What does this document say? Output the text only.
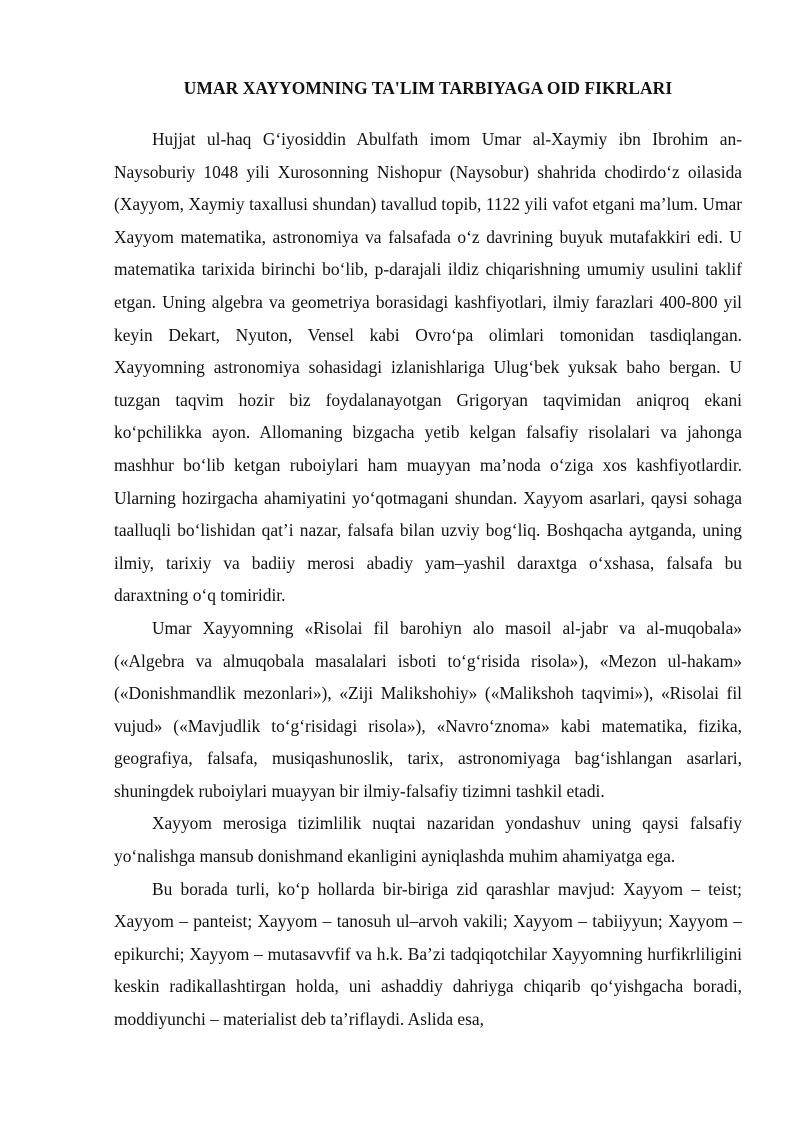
UMAR XAYYOMNING TA'LIM TARBIYAGA OID FIKRLARI

Hujjat ul-haq G‘iyosiddin Abulfath imom Umar al-Xaymiy ibn Ibrohim an-Naysoburiy 1048 yili Xurosonning Nishopur (Naysobur) shahrida chodirdo‘z oilasida (Xayyom, Xaymiy taxallusi shundan) tavallud topib, 1122 yili vafot etgani ma’lum. Umar Xayyom matematika, astronomiya va falsafada o‘z davrining buyuk mutafakkiri edi. U matematika tarixida birinchi bo‘lib, p-darajali ildiz chiqarishning umumiy usulini taklif etgan. Uning algebra va geometriya borasidagi kashfiyotlari, ilmiy farazlari 400-800 yil keyin Dekart, Nyuton, Vensel kabi Ovro‘pa olimlari tomonidan tasdiqlangan. Xayyomning astronomiya sohasidagi izlanishlariga Ulug‘bek yuksak baho bergan. U tuzgan taqvim hozir biz foydalanayotgan Grigoryan taqvimidan aniqroq ekani ko‘pchilikka ayon. Allomaning bizgacha yetib kelgan falsafiy risolalari va jahonga mashhur bo‘lib ketgan ruboiylari ham muayyan ma’noda o‘ziga xos kashfiyotlardir. Ularning hozirgacha ahamiyatini yo‘qotmagani shundan. Xayyom asarlari, qaysi sohaga taalluqli bo‘lishidan qat’i nazar, falsafa bilan uzviy bog‘liq. Boshqacha aytganda, uning ilmiy, tarixiy va badiiy merosi abadiy yam–yashil daraxtga o‘xshasa, falsafa bu daraxtning o‘q tomiridir.

Umar Xayyomning «Risolai fil barohiyn alo masoil al-jabr va al-muqobala» («Algebra va almuqobala masalalari isboti to‘g‘risida risola»), «Mezon ul-hakam» («Donishmandlik mezonlari»), «Ziji Malikshohiy» («Malikshoh taqvimi»), «Risolai fil vujud» («Mavjudlik to‘g‘risidagi risola»), «Navro‘znoma» kabi matematika, fizika, geografiya, falsafa, musiqashunoslik, tarix, astronomiyaga bag‘ishlangan asarlari, shuningdek ruboiylari muayyan bir ilmiy-falsafiy tizimni tashkil etadi.

Xayyom merosiga tizimlilik nuqtai nazaridan yondashuv uning qaysi falsafiy yo‘nalishga mansub donishmand ekanligini ayniqlashda muhim ahamiyatga ega.

Bu borada turli, ko‘p hollarda bir-biriga zid qarashlar mavjud: Xayyom – teist; Xayyom – panteist; Xayyom – tanosuh ul–arvoh vakili; Xayyom – tabiiyyun; Xayyom – epikurchi; Xayyom – mutasavvfif va h.k. Ba’zi tadqiqotchilar Xayyomning hurfikrliligini keskin radikallashtirgan holda, uni ashaddiy dahriyga chiqarib qo‘yishgacha boradi, moddiyunchi – materialist deb ta’riflaydi. Aslida esa,
